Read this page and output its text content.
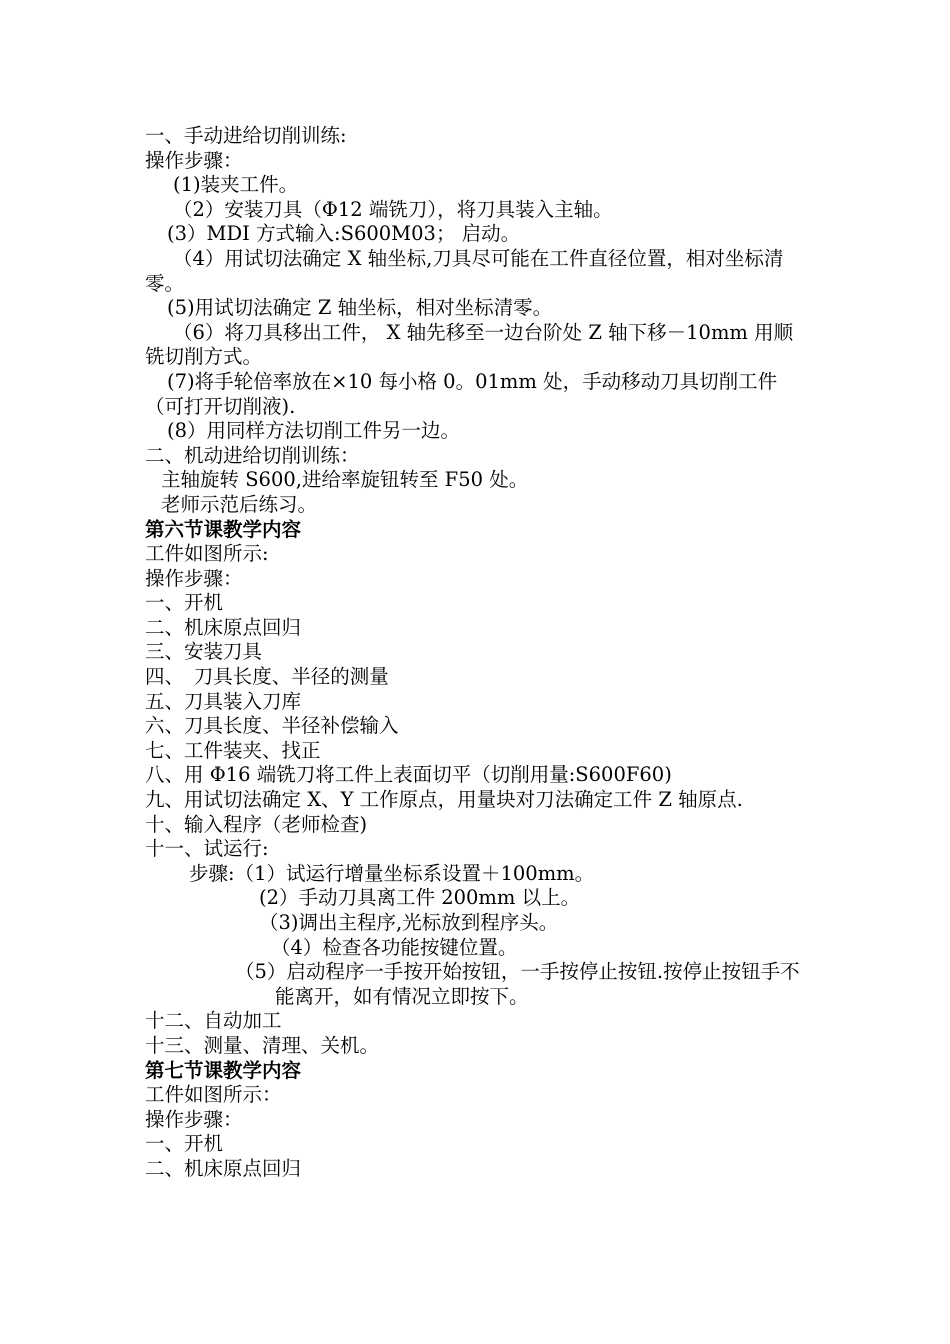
一、手动进给切削训练:
操作步骤：
(1)装夹工件。
（2）安装刀具（Φ12 端铣刀），将刀具装入主轴。
(3）MDI 方式输入:S600M03； 启动。
（4）用试切法确定 X 轴坐标,刀具尽可能在工件直径位置，相对坐标清零。
(5)用试切法确定 Z 轴坐标，相对坐标清零。
（6）将刀具移出工件， X 轴先移至一边台阶处 Z 轴下移－10mm 用顺铣切削方式。
(7)将手轮倍率放在×10 每小格 0。01mm 处，手动移动刀具切削工件（可打开切削液).
(8）用同样方法切削工件另一边。
二、机动进给切削训练：
主轴旋转 S600,进给率旋钮转至 F50 处。
老师示范后练习。
第六节课教学内容
工件如图所示:
操作步骤：
一、开机
二、机床原点回归
三、安装刀具
四、　刀具长度、半径的测量
五、刀具装入刀库
六、刀具长度、半径补偿输入
七、工件装夹、找正
八、用 Φ16 端铣刀将工件上表面切平（切削用量:S600F60)
九、用试切法确定 X、Y 工作原点，用量块对刀法确定工件 Z 轴原点.
十、输入程序（老师检查)
十一、试运行:
步骤:（1）试运行增量坐标系设置＋100mm。
(2）手动刀具离工件 200mm 以上。
（3)调出主程序,光标放到程序头。
（4）检查各功能按键位置。
（5）启动程序一手按开始按钮，一手按停止按钮.按停止按钮手不能离开，如有情况立即按下。
十二、自动加工
十三、测量、清理、关机。
第七节课教学内容
工件如图所示：
操作步骤：
一、开机
二、机床原点回归
